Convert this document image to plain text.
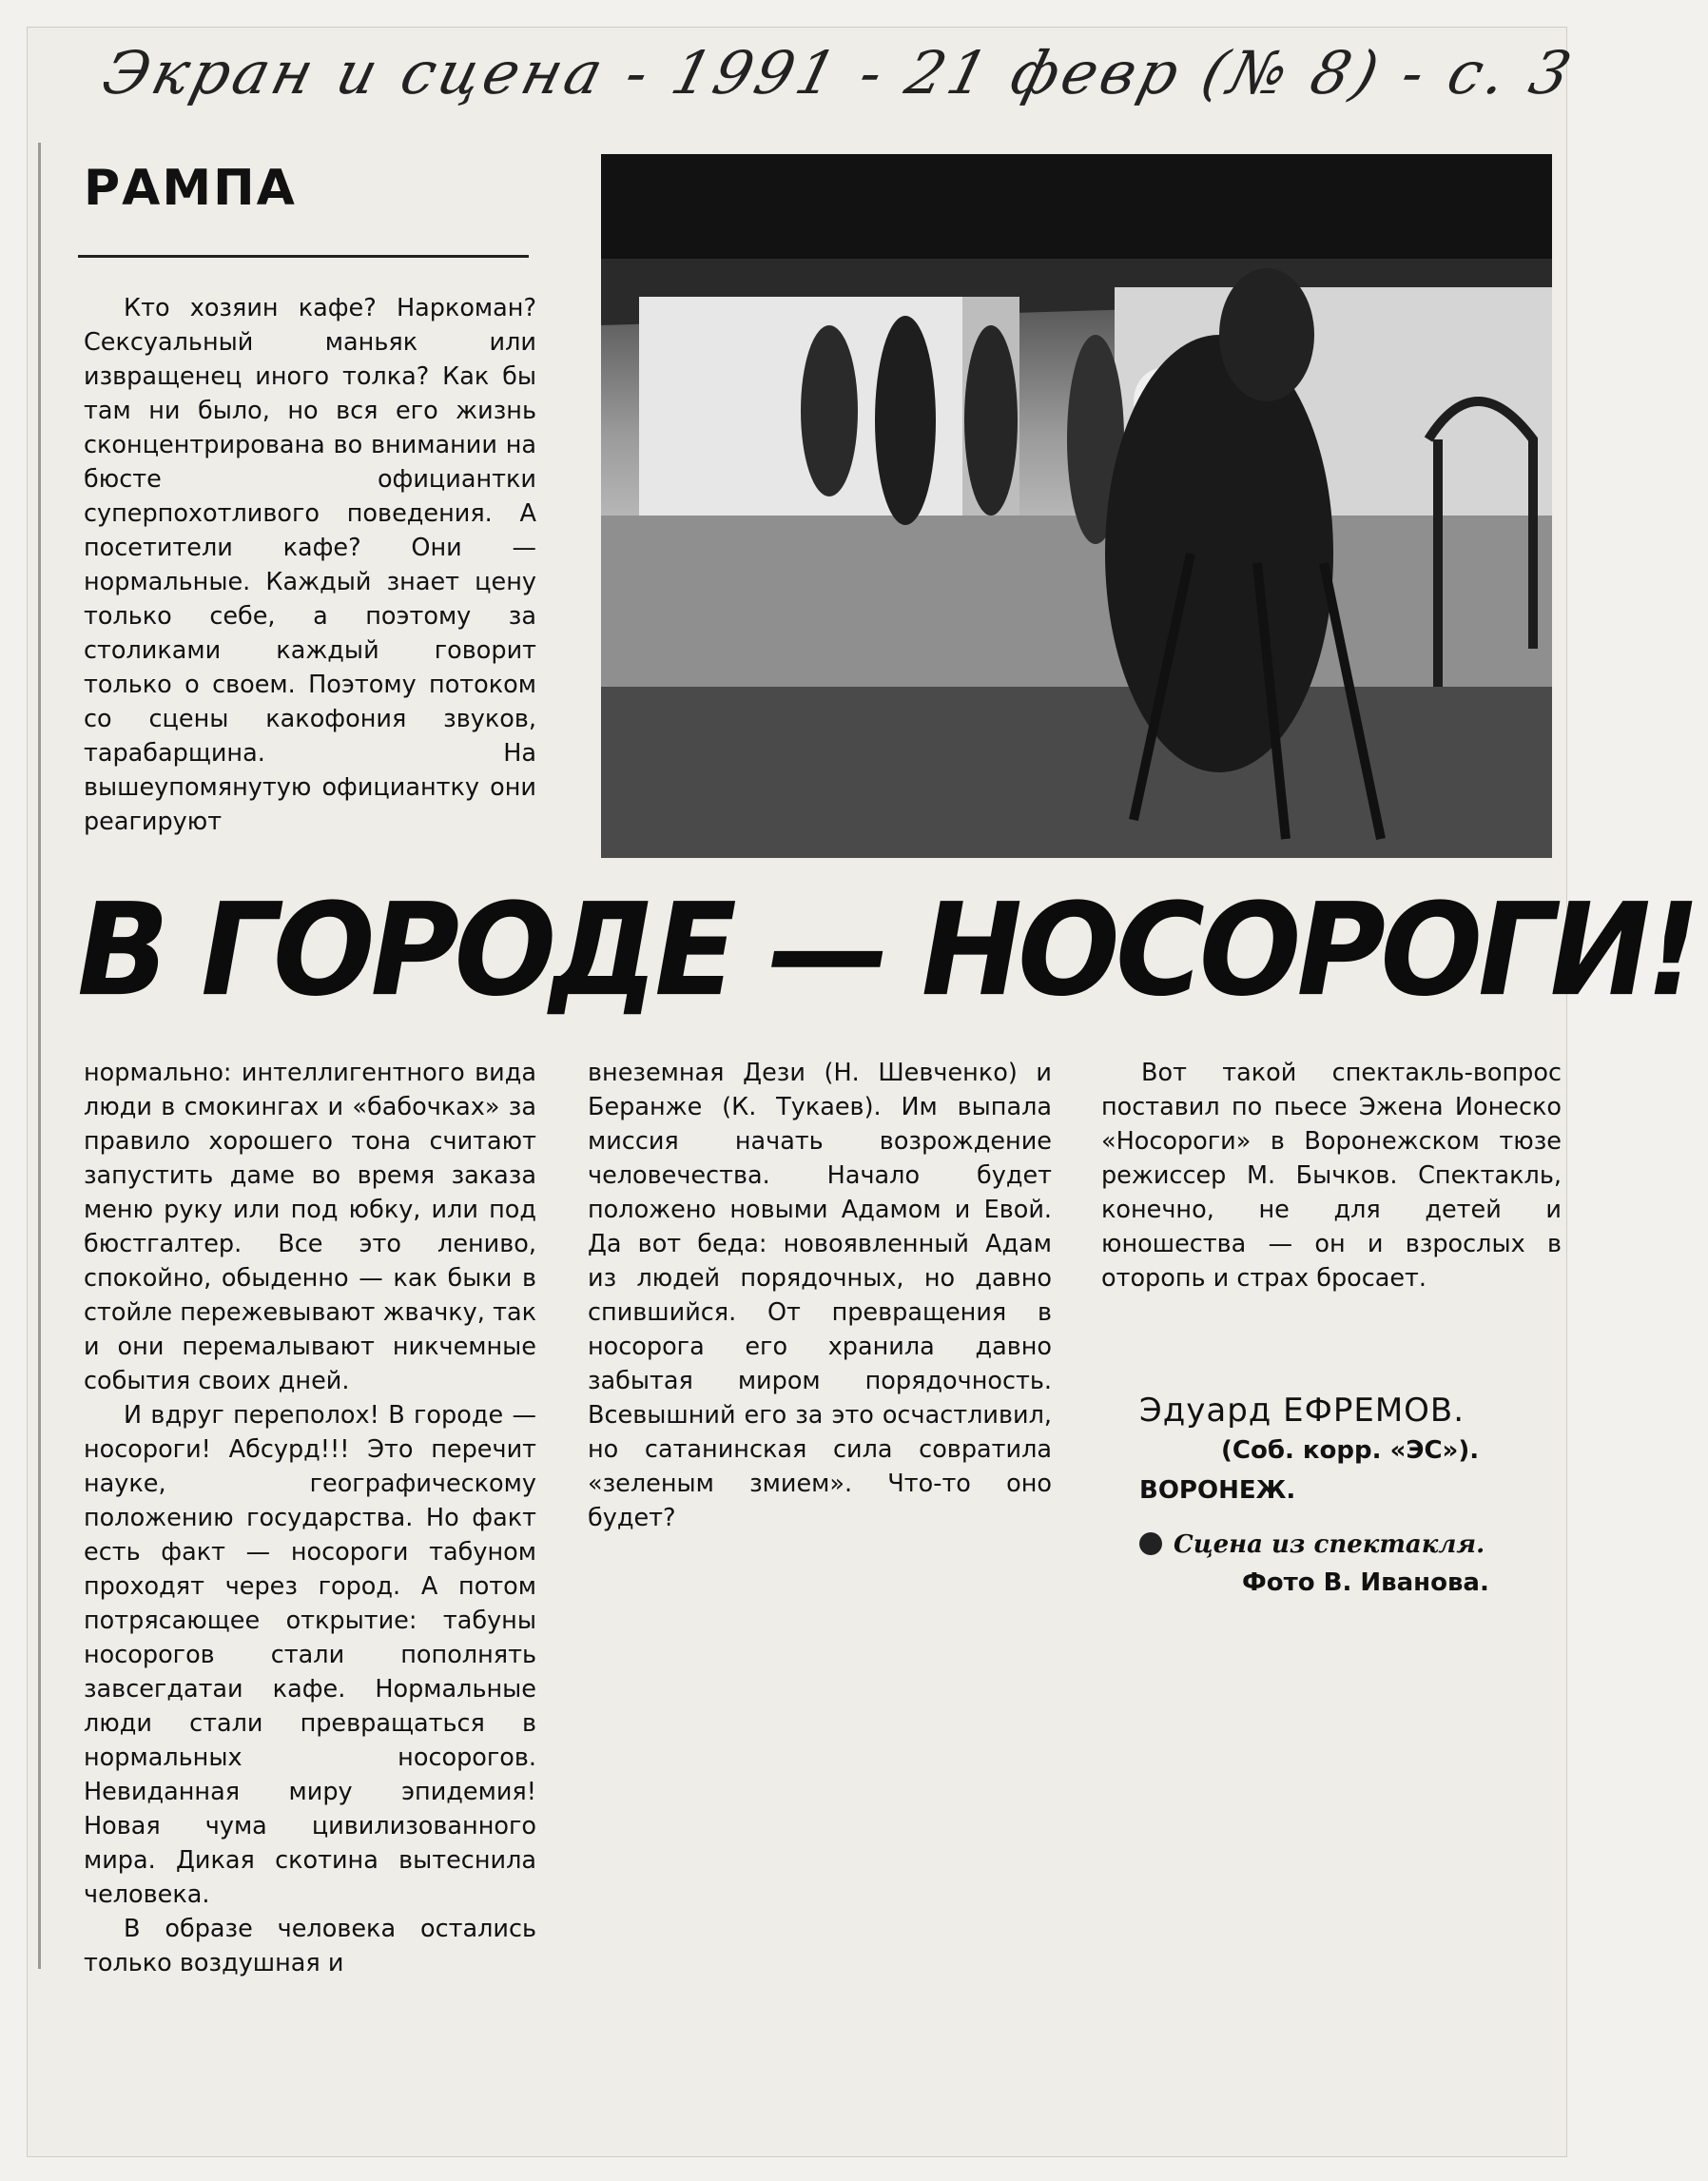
Экран и сцена - 1991 - 21 февр (№ 8) - с. 3
РАМПА

Кто хозяин кафе? Наркоман? Сексуальный маньяк или извращенец иного толка? Как бы там ни было, но вся его жизнь сконцентрирована во внимании на бюсте официантки суперпохотливого поведения. А посетители кафе? Они — нормальные. Каждый знает цену только себе, а поэтому за столиками каждый говорит только о своем. Поэтому потоком со сцены какофония звуков, тарабарщина. На вышеупомянутую официантку они реагируют

В ГОРОДЕ — НОСОРОГИ!

нормально: интеллигентного вида люди в смокингах и «бабочках» за правило хорошего тона считают запустить даме во время заказа меню руку или под юбку, или под бюстгалтер. Все это лениво, спокойно, обыденно — как быки в стойле пережевывают жвачку, так и они перемалывают никчемные события своих дней.

И вдруг переполох! В городе — носороги! Абсурд!!! Это перечит науке, географическому положению государства. Но факт есть факт — носороги табуном проходят через город. А потом потрясающее открытие: табуны носорогов стали пополнять завсегдатаи кафе. Нормальные люди стали превращаться в нормальных носорогов. Невиданная миру эпидемия! Новая чума цивилизованного мира. Дикая скотина вытеснила человека.

В образе человека остались только воздушная и

внеземная Дези (Н. Шевченко) и Беранже (К. Тукаев). Им выпала миссия начать возрождение человечества. Начало будет положено новыми Адамом и Евой. Да вот беда: новоявленный Адам из людей порядочных, но давно спившийся. От превращения в носорога его хранила давно забытая миром порядочность. Всевышний его за это осчастливил, но сатанинская сила совратила «зеленым змием». Что-то оно будет?

Вот такой спектакль-вопрос поставил по пьесе Эжена Ионеско «Носороги» в Воронежском тюзе режиссер М. Бычков. Спектакль, конечно, не для детей и юношества — он и взрослых в оторопь и страх бросает.

Эдуард ЕФРЕМОВ.
(Соб. корр. «ЭС»).
ВОРОНЕЖ.
Сцена из спектакля.
Фото В. Иванова.
